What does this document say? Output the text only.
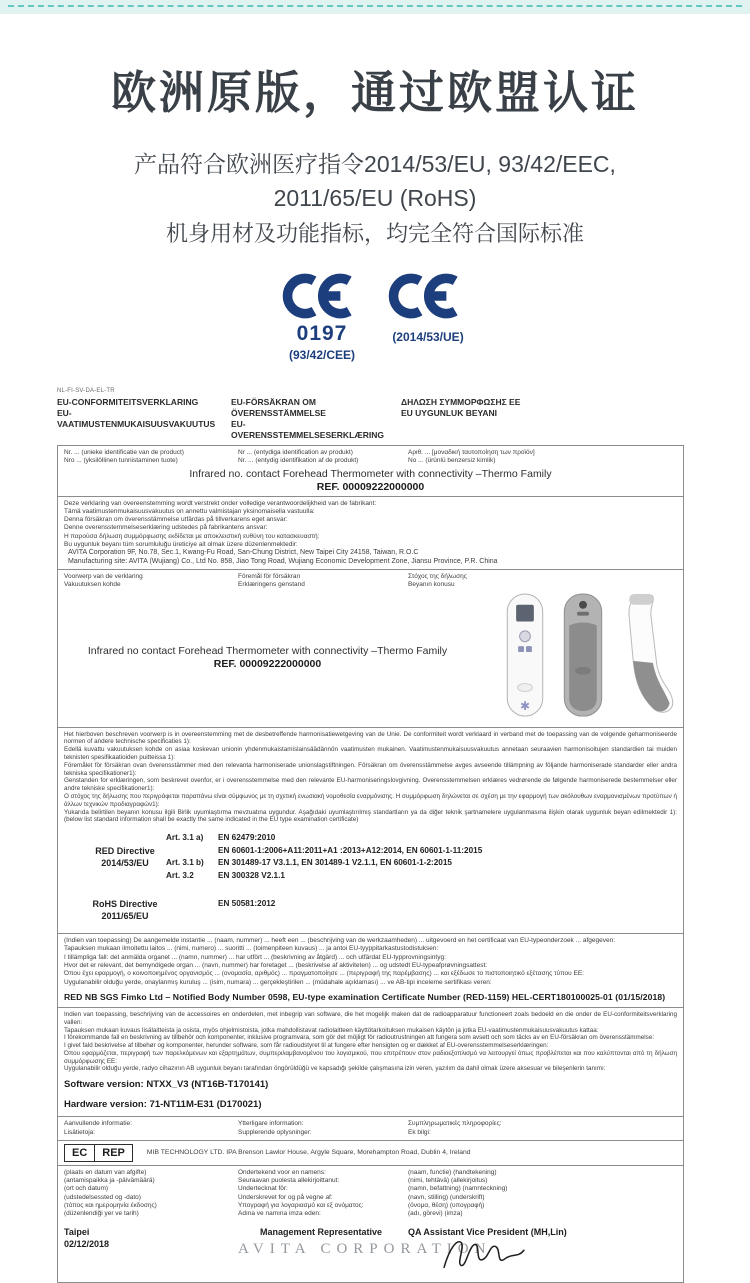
欧洲原版，通过欧盟认证
产品符合欧洲医疗指令2014/53/EU, 93/42/EEC,
2011/65/EU (RoHS)
机身用材及功能指标，均完全符合国际标准
0197
(93/42/CEE)
(2014/53/UE)
NL-FI-SV-DA-EL-TR
EU-CONFORMITEITSVERKLARING
EU-VAATIMUSTENMUKAISUUSVAKUUTUS
EU-FÖRSÄKRAN OM ÖVERENSSTÄMMELSE
EU-OVERENSSTEMMELSESERKLÆRING
ΔΗΛΩΣΗ ΣΥΜΜΟΡΦΩΣΗΣ ΕΕ
EU UYGUNLUK BEYANI
Nr. ... (unieke identificatie van de product)
Nro ... (yksilöllinen tunnistaminen tuote)
Nr ... (entydiga identification av produkt)
Nr. ... (entydig identifikation af de produkt)
Αριθ. ... [μοναδική ταυτοποίηση των προϊόν]
No ... (ürünlü benzersiz kimlik)
Infrared no. contact Forehead Thermometer with connectivity –Thermo Family
REF. 00009222000000
Deze verklaring van overeenstemming wordt verstrekt onder volledige verantwoordelijkheid van de fabrikant:
Tämä vaatimustenmukaisuusvakuutus on annettu valmistajan yksinomaisella vastuulla:
Denna försäkran om överensstämmelse utfärdas på tillverkarens eget ansvar:
Denne overensstemmelseserklæring udstedes på fabrikantens ansvar:
Η παρούσα δήλωση συμμόρφωσης εκδίδεται με αποκλειστική ευθύνη του κατασκευαστή:
Bu uygunluk beyanı tüm sorumluluğu üreticiye ait olmak üzere düzenlenmektedir:
AVITA Corporation 9F, No.78, Sec.1, Kwang-Fu Road, San-Chung District, New Taipei City 24158, Taiwan, R.O.C
Manufacturing site: AVITA (Wujiang) Co., Ltd No. 858, Jiao Tong Road, Wujiang Economic Development Zone, Jiansu Province, P.R. China
Voorwerp van de verklaring
Vakuutuksen kohde
Föremål för försäkran
Erklæringens genstand
Στόχος της δήλωσης
Beyanın konusu
Infrared no contact Forehead Thermometer with connectivity –Thermo Family
REF. 00009222000000
✱
Het hierboven beschreven voorwerp is in overeenstemming met de desbetreffende harmonisatiewetgeving van de Unie. De conformiteit wordt verklaard in verband met de toepassing van de volgende geharmoniseerde normen of andere technische specificaties 1):
Edellä kuvattu vakuutuksen kohde on asiaa koskevan unionin yhdenmukaistamislainsäädännön vaatimusten mukainen. Vaatimustenmukaisuusvakuutus annetaan seuraavien harmonisoitujen standardien tai muiden teknisten spesifikaatioiden puitteissa 1):
Föremålet för försäkran ovan överensstämmer med den relevanta harmoniserade unionslagstiftningen. Försäkran om överensstämmelse avges avseende tillämpning av följande harmoniserade standarder eller andra tekniska specifikationer1):
Genstanden for erklæringen, som beskrevet ovenfor, er i overensstemmelse med den relevante EU-harmoniseringslovgivning. Overensstemmelsen erklæres vedrørende de følgende harmoniserede bestemmelser eller andre tekniske specifikationer1):
Ο στόχος της δήλωσης που περιγράφεται παραπάνω είναι σύμφωνος με τη σχετική ενωσιακή νομοθεσία εναρμόνισης. Η συμμόρφωση δηλώνεται σε σχέση με την εφαρμογή των ακόλουθων εναρμονισμένων προτύπων ή άλλων τεχνικών προδιαγραφών1):
Yukarıda belirtilen beyanın konusu ilgili Birlik uyumlaştırma mevzuatına uygundur. Aşağıdaki uyumlaştırılmış standartların ya da diğer teknik şartnamelere uygulanmasına ilişkin olarak uygunluk beyan edilmektedir 1): (below list standard information shall be exactly the same indicated in the EU type examination certificate)
RED Directive
2014/53/EU
Art. 3.1 a)	EN 62479:2010
EN 60601-1:2006+A11:2011+A1 :2013+A12:2014, EN 60601-1-11:2015
Art. 3.1 b)	EN 301489-17 V3.1.1, EN 301489-1 V2.1.1, EN 60601-1-2:2015
Art. 3.2	EN 300328 V2.1.1
RoHS Directive
2011/65/EU
EN 50581:2012
(Indien van toepassing) De aangemelde instantie ... (naam, nummer) ... heeft een ... (beschrijving van de werkzaamheden) ... uitgevoerd en het certificaat van EU-typeonderzoek ... afgegeven:
Tapauksen mukaan ilmoitettu laitos ... (nimi, numero) ... suoritti ... (toimenpiteen kuvaus) ... ja antoi EU-tyyppitarkastustodistuksen:
I tillämpliga fall: det anmälda organet ... (namn, nummer) ... har utfört ... (beskrivning av åtgärd) ... och utfärdat EU-typprovningsintyg:
Hvor det er relevant, det bemyndigede organ ... (navn, nummer) har foretaget ... (beskrivelse af aktiviteten) ... og udstedt EU-typeafprøvningsattest:
Όπου έχει εφαρμογή, ο κοινοποιημένος οργανισμός ... (ονομασία, αριθμός) ... πραγματοποίησε ... (περιγραφή της παρέμβασης) ... και εξέδωσε το πιστοποιητικό εξέτασης τύπου ΕΕ:
Uygulanabilir olduğu yerde, onaylanmış kuruluş ... (isim, numara) ... gerçekleştirilen ... (müdahale açıklaması) ... ve AB-tipi inceleme sertifikası veren:
RED NB SGS Fimko Ltd – Notified Body Number 0598, EU-type examination Certificate Number (RED-1159) HEL-CERT180100025-01 (01/15/2018)
Indien van toepassing, beschrijving van de accessoires en onderdelen, met inbegrip van software, die het mogelijk maken dat de radioapparatuur functioneert zoals bedoeld en die onder de EU-conformiteitsverklaring vallen:
Tapauksen mukaan kuvaus lisälaitteista ja osista, myös ohjelmistoista, jotka mahdollistavat radiolaitteen käyttötarkoituksen mukaisen käytön ja jotka EU-vaatimustenmukaisuusvakuutus kattaa:
I förekommande fall en beskrivning av tillbehör och komponenter, inklusive programvara, som gör det möjligt för radioutrustningen att fungera som avsett och som täcks av en EU-försäkran om överensstämmelse:
I givet fald beskrivelse af tilbehør og komponenter, herunder software, som får radioudstyret til at fungere efter hensigten og er dækket af EU-overensstemmelseserklæringen:
Όπου εφαρμόζεται, περιγραφή των παρελκόμενων και εξαρτημάτων, συμπεριλαμβανομένου του λογισμικού, που επιτρέπουν στον ραδιοεξοπλισμό να λειτουργεί όπως προβλέπεται και που καλύπτονται από τη δήλωση συμμόρφωσης ΕΕ:
Uygulanabilir olduğu yerde, radyo cihazının AB uygunluk beyanı tarafından öngörüldüğü ve kapsadığı şekilde çalışmasına izin veren, yazılım da dahil olmak üzere aksesuar ve bileşenlerin tanımı:
Software version: NTXX_V3 (NT16B-T170141)
Hardware version: 71-NT11M-E31 (D170021)
Aanvullende informatie:
Lisätietoja:
Ytterligare information:
Supplerende oplysninger:
Συμπληρωματικές πληροφορίες:
Ek bilgi:
EC	REP	MIB TECHNOLOGY LTD. IPA Brenson Lawlor House, Argyle Square, Morehampton Road, Dublin 4, Ireland
(plaats en datum van afgifte)
(antamispaikka ja -päivämäärä)
(ort och datum)
(udstedelsessted og -dato)
(τόπος και ημερομηνία έκδοσης)
(düzenlendiği yer ve tarih)
Taipei
02/12/2018
Ondertekend voor en namens:
Seuraavan puolesta allekirjoittanut:
Undertecknat för:
Underskrevet for og på vegne af:
Υπογραφή για λογαριασμό και εξ ονόματος:
Adına ve namına imza eden:
Management Representative
AVITA CORPORATION
(naam, functie) (handtekening)
(nimi, tehtävä) (allekirjoitus)
(namn, befattning) (namnteckning)
(navn, stilling) (underskrift)
(όνομα, θέση) (υπογραφή)
(adı, görevi) (imza)
QA Assistant Vice President (MH,Lin)
